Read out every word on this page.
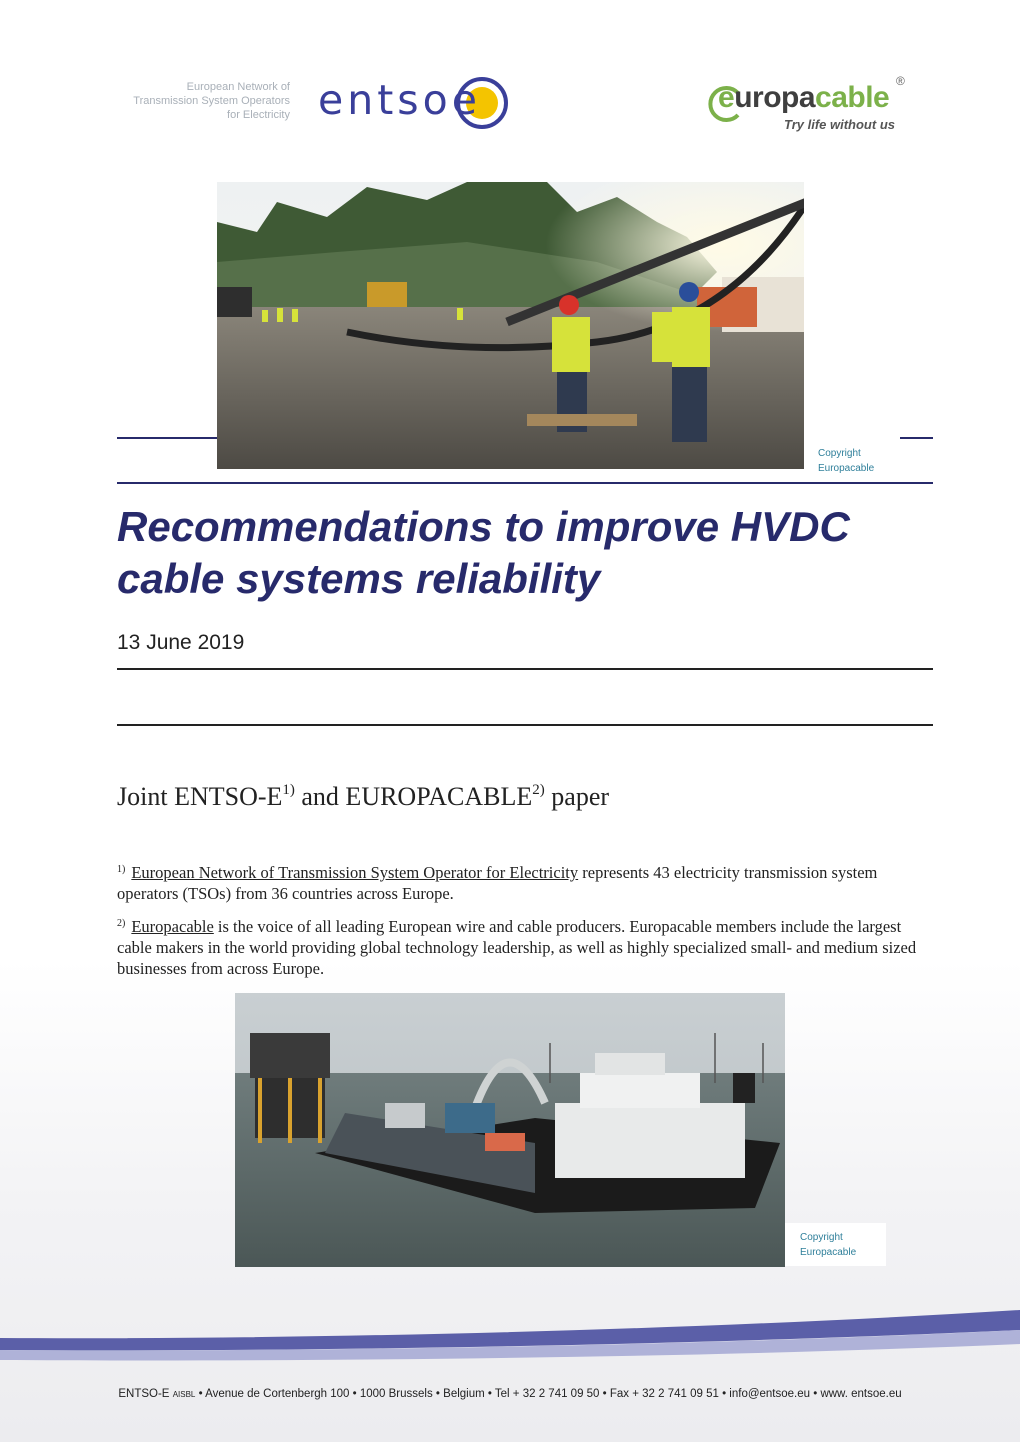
European Network of
Transmission System Operators
for Electricity entsoe	europacable ®
Try life without us
Copyright
Europacable
Recommendations to improve HVDC
cable systems reliability
13 June 2019
Joint ENTSO-$E^{1)}$ and EUROPACABLE$^{2)}$ paper
$^{1)}$ European Network of Transmission System Operator for Electricity represents 43 electricity transmission system operators (TSOs) from 36 countries across Europe.
$^{2)}$ Europacable is the voice of all leading European wire and cable producers. Europacable members include the largest cable makers in the world providing global technology leadership, as well as highly specialized small- and medium sized businesses from across Europe.
Copyright
Europacable
ENTSO-E AISBL • Avenue de Cortenbergh 100 • 1000 Brussels • Belgium • Tel + 32 2 741 09 50 • Fax + 32 2 741 09 51 • info@entsoe.eu • www. entsoe.eu
